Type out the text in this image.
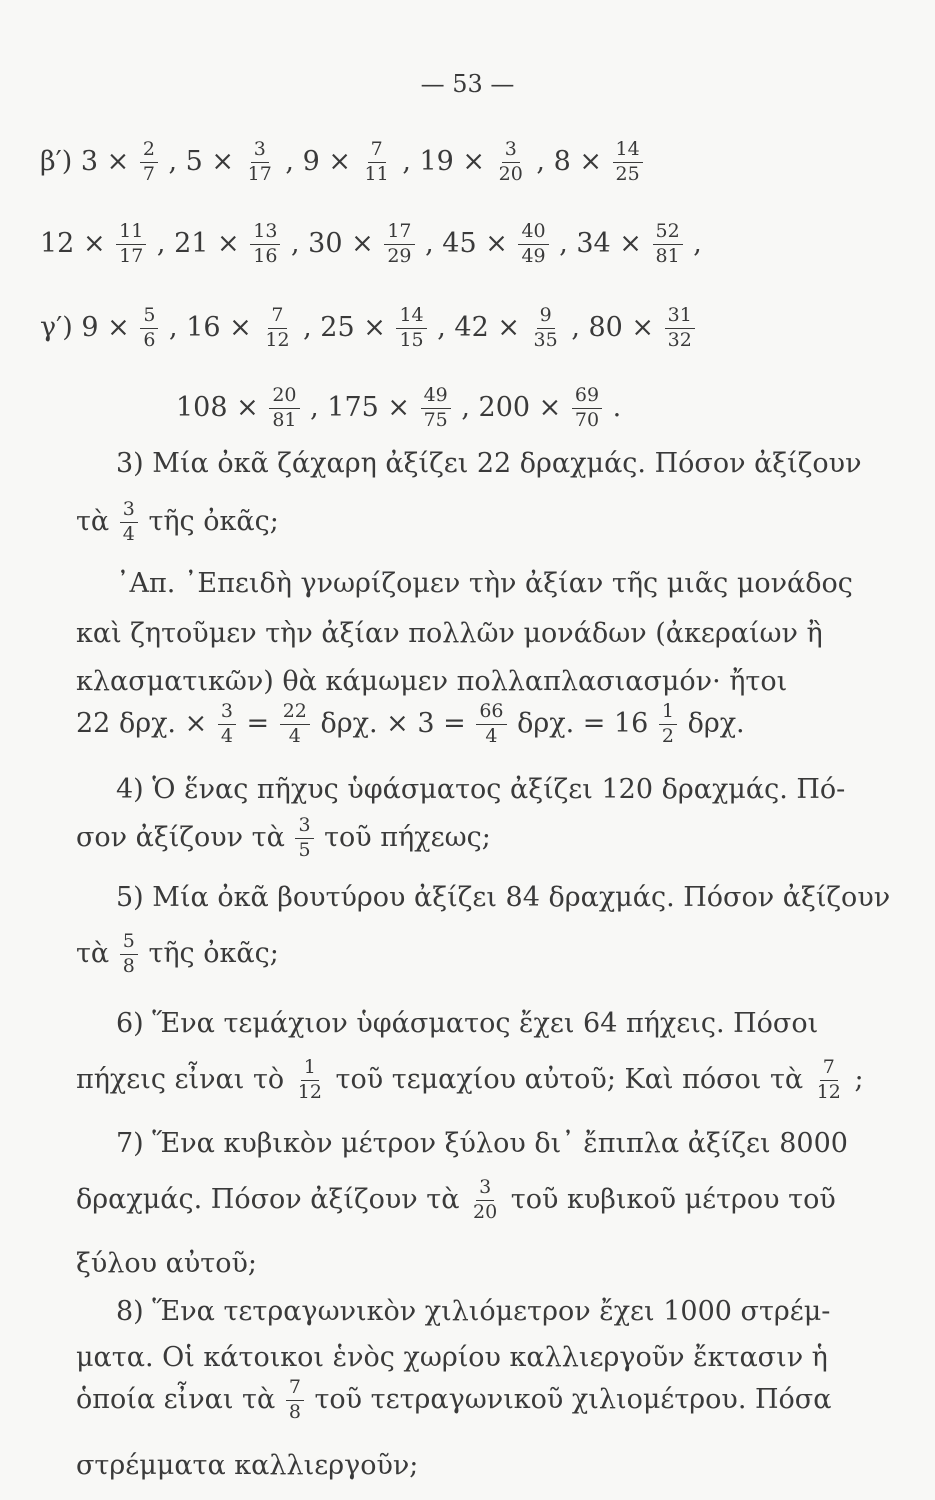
— 53 —
β′) $3 \times \frac{2}{7}$ , $5 \times \frac{3}{17}$ , $9 \times \frac{7}{11}$ , $19 \times \frac{3}{20}$ , $8 \times \frac{14}{25}$
$12 \times \frac{11}{17}$ , $21 \times \frac{13}{16}$ , $30 \times \frac{17}{29}$ , $45 \times \frac{40}{49}$ , $34 \times \frac{52}{81}$ ,
γ′) $9 \times \frac{5}{6}$ , $16 \times \frac{7}{12}$ , $25 \times \frac{14}{15}$ , $42 \times \frac{9}{35}$ , $80 \times \frac{31}{32}$
$108 \times \frac{20}{81}$ , $175 \times \frac{49}{75}$ , $200 \times \frac{69}{70}$ .
3) Μία ὀκᾶ ζάχαρη ἀξίζει 22 δραχμάς. Πόσον ἀξίζουν
τὰ $\frac{3}{4}$ τῆς ὀκᾶς;
᾿Απ. ᾿Επειδὴ γνωρίζομεν τὴν ἀξίαν τῆς μιᾶς μονάδος
καὶ ζητοῦμεν τὴν ἀξίαν πολλῶν μονάδων (ἀκεραίων ἢ
κλασματικῶν) θὰ κάμωμεν πολλαπλασιασμόν· ἤτοι
22 δρχ. × $\frac{3}{4} = \frac{22}{4} \delta\rho\chi$. × $3 = \frac{66}{4} \delta\rho\chi$. = $16 \frac{1}{2} \delta\rho\chi$.
4) Ὁ ἕνας πῆχυς ὑφάσματος ἀξίζει 120 δραχμάς. Πό-
σον ἀξίζουν τὰ $\frac{3}{5}$ τοῦ πήχεως;
5) Μία ὀκᾶ βουτύρου ἀξίζει 84 δραχμάς. Πόσον ἀξίζουν
τὰ $\frac{5}{8}$ τῆς ὀκᾶς;
6) Ἕνα τεμάχιον ὑφάσματος ἔχει 64 πήχεις. Πόσοι
πήχεις εἶναι τὸ $\frac{1}{12}$ τοῦ τεμαχίου αὐτοῦ; Καὶ πόσοι τὰ $\frac{7}{12}$ ;
7) Ἕνα κυβικὸν μέτρον ξύλου δι᾿ ἔπιπλα ἀξίζει 8000
δραχμάς. Πόσον ἀξίζουν τὰ $\frac{3}{20}$ τοῦ κυβικοῦ μέτρου τοῦ
ξύλου αὐτοῦ;
8) Ἕνα τετραγωνικὸν χιλιόμετρον ἔχει 1000 στρέμ-
ματα. Οἱ κάτοικοι ἑνὸς χωρίου καλλιεργοῦν ἔκτασιν ἡ
ὁποία εἶναι τὰ $\frac{7}{8}$ τοῦ τετραγωνικοῦ χιλιομέτρου. Πόσα
στρέμματα καλλιεργοῦν;
